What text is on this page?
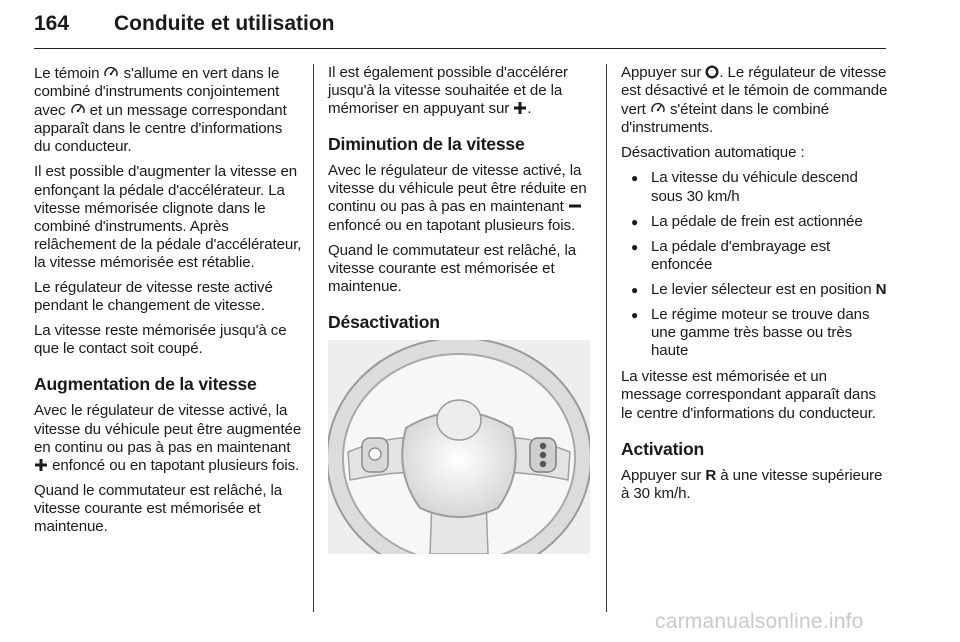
164 Conduite et utilisation

Le témoin
s'allume en vert dans le combiné d'instruments conjointement avec
et un message correspondant apparaît dans le centre d'informations du conducteur.

Il est possible d'augmenter la vitesse en enfonçant la pédale d'accélérateur. La vitesse mémorisée clignote dans le combiné d'instruments. Après relâchement de la pédale d'accélérateur, la vitesse mémorisée est rétablie.

Le régulateur de vitesse reste activé pendant le changement de vitesse.

La vitesse reste mémorisée jusqu'à ce que le contact soit coupé.

Augmentation de la vitesse

Avec le régulateur de vitesse activé, la vitesse du véhicule peut être augmentée en continu ou pas à pas en maintenant
enfoncé ou en tapotant plusieurs fois.

Quand le commutateur est relâché, la vitesse courante est mémorisée et maintenue.

Il est également possible d'accélérer jusqu'à la vitesse souhaitée et de la mémoriser en appuyant sur
.

Diminution de la vitesse

Avec le régulateur de vitesse activé, la vitesse du véhicule peut être réduite en continu ou pas à pas en maintenant
enfoncé ou en tapotant plusieurs fois.

Quand le commutateur est relâché, la vitesse courante est mémorisée et maintenue.

Désactivation

Appuyer sur
. Le régulateur de vitesse est désactivé et le témoin de commande vert
s'éteint dans le combiné d'instruments.

Désactivation automatique :

● La vitesse du véhicule descend sous 30 km/h
● La pédale de frein est actionnée
● La pédale d'embrayage est enfoncée
● Le levier sélecteur est en position N
● Le régime moteur se trouve dans une gamme très basse ou très haute

La vitesse est mémorisée et un message correspondant apparaît dans le centre d'informations du conducteur.

Activation

Appuyer sur R à une vitesse supérieure à 30 km/h.

carmanualsonline.info
